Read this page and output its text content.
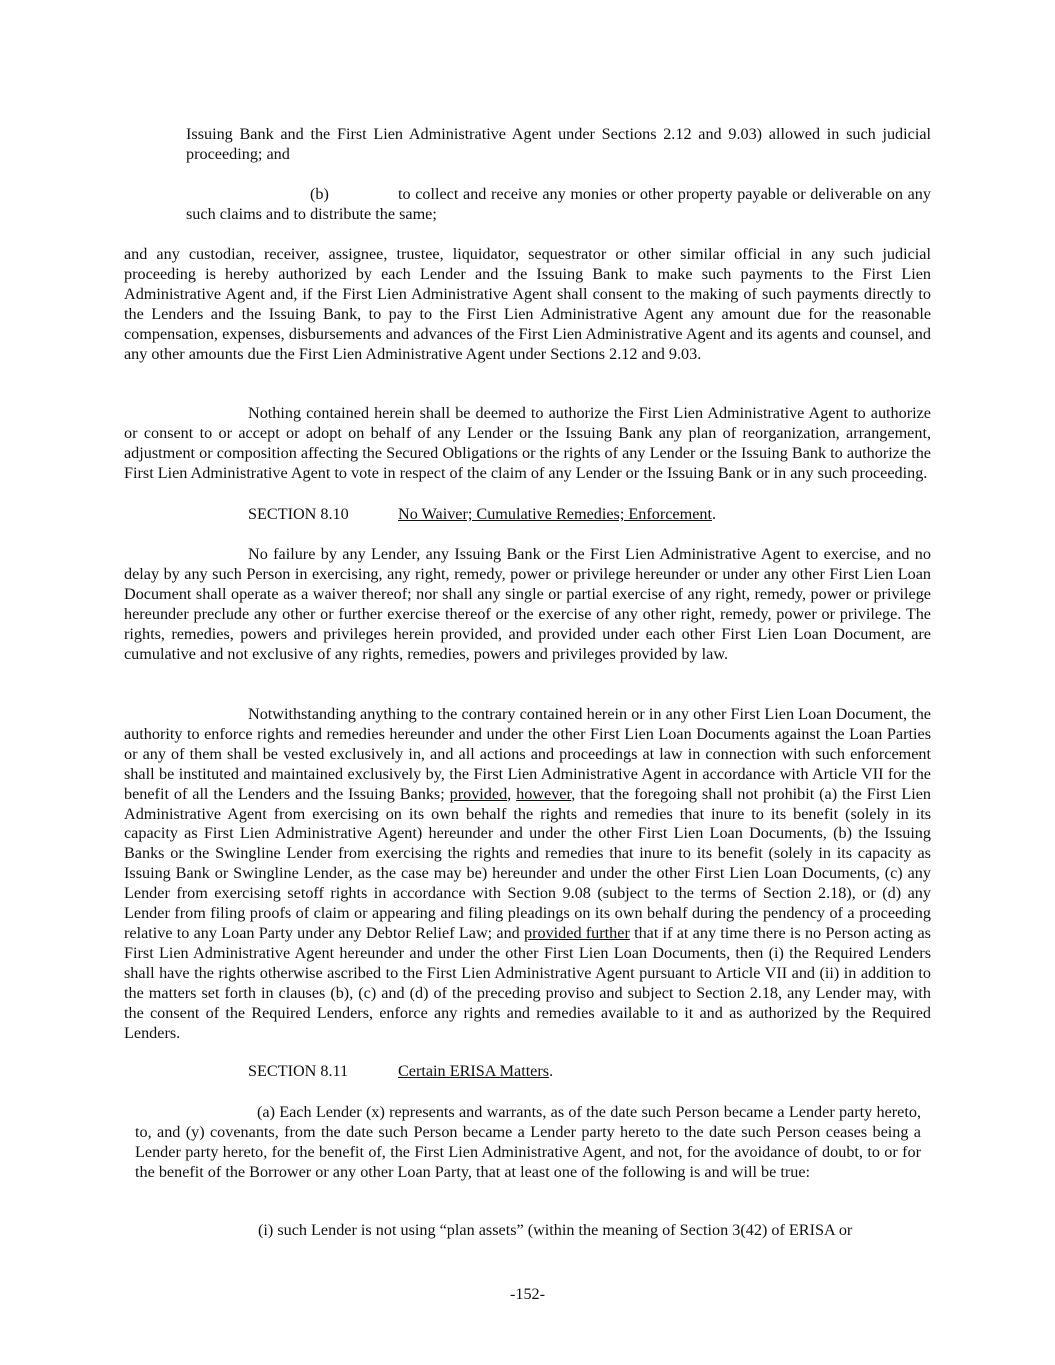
Issuing Bank and the First Lien Administrative Agent under Sections 2.12 and 9.03) allowed in such judicial proceeding; and

(b)	to collect and receive any monies or other property payable or deliverable on any such claims and to distribute the same;

and any custodian, receiver, assignee, trustee, liquidator, sequestrator or other similar official in any such judicial proceeding is hereby authorized by each Lender and the Issuing Bank to make such payments to the First Lien Administrative Agent and, if the First Lien Administrative Agent shall consent to the making of such payments directly to the Lenders and the Issuing Bank, to pay to the First Lien Administrative Agent any amount due for the reasonable compensation, expenses, disbursements and advances of the First Lien Administrative Agent and its agents and counsel, and any other amounts due the First Lien Administrative Agent under Sections 2.12 and 9.03.

Nothing contained herein shall be deemed to authorize the First Lien Administrative Agent to authorize or consent to or accept or adopt on behalf of any Lender or the Issuing Bank any plan of reorganization, arrangement, adjustment or composition affecting the Secured Obligations or the rights of any Lender or the Issuing Bank to authorize the First Lien Administrative Agent to vote in respect of the claim of any Lender or the Issuing Bank or in any such proceeding.

SECTION 8.10	No Waiver; Cumulative Remedies; Enforcement.

No failure by any Lender, any Issuing Bank or the First Lien Administrative Agent to exercise, and no delay by any such Person in exercising, any right, remedy, power or privilege hereunder or under any other First Lien Loan Document shall operate as a waiver thereof; nor shall any single or partial exercise of any right, remedy, power or privilege hereunder preclude any other or further exercise thereof or the exercise of any other right, remedy, power or privilege. The rights, remedies, powers and privileges herein provided, and provided under each other First Lien Loan Document, are cumulative and not exclusive of any rights, remedies, powers and privileges provided by law.

Notwithstanding anything to the contrary contained herein or in any other First Lien Loan Document, the authority to enforce rights and remedies hereunder and under the other First Lien Loan Documents against the Loan Parties or any of them shall be vested exclusively in, and all actions and proceedings at law in connection with such enforcement shall be instituted and maintained exclusively by, the First Lien Administrative Agent in accordance with Article VII for the benefit of all the Lenders and the Issuing Banks; provided, however, that the foregoing shall not prohibit (a) the First Lien Administrative Agent from exercising on its own behalf the rights and remedies that inure to its benefit (solely in its capacity as First Lien Administrative Agent) hereunder and under the other First Lien Loan Documents, (b) the Issuing Banks or the Swingline Lender from exercising the rights and remedies that inure to its benefit (solely in its capacity as Issuing Bank or Swingline Lender, as the case may be) hereunder and under the other First Lien Loan Documents, (c) any Lender from exercising setoff rights in accordance with Section 9.08 (subject to the terms of Section 2.18), or (d) any Lender from filing proofs of claim or appearing and filing pleadings on its own behalf during the pendency of a proceeding relative to any Loan Party under any Debtor Relief Law; and provided further that if at any time there is no Person acting as First Lien Administrative Agent hereunder and under the other First Lien Loan Documents, then (i) the Required Lenders shall have the rights otherwise ascribed to the First Lien Administrative Agent pursuant to Article VII and (ii) in addition to the matters set forth in clauses (b), (c) and (d) of the preceding proviso and subject to Section 2.18, any Lender may, with the consent of the Required Lenders, enforce any rights and remedies available to it and as authorized by the Required Lenders.

SECTION 8.11	Certain ERISA Matters.

(a) Each Lender (x) represents and warrants, as of the date such Person became a Lender party hereto, to, and (y) covenants, from the date such Person became a Lender party hereto to the date such Person ceases being a Lender party hereto, for the benefit of, the First Lien Administrative Agent, and not, for the avoidance of doubt, to or for the benefit of the Borrower or any other Loan Party, that at least one of the following is and will be true:

(i) such Lender is not using “plan assets” (within the meaning of Section 3(42) of ERISA or

-152-
